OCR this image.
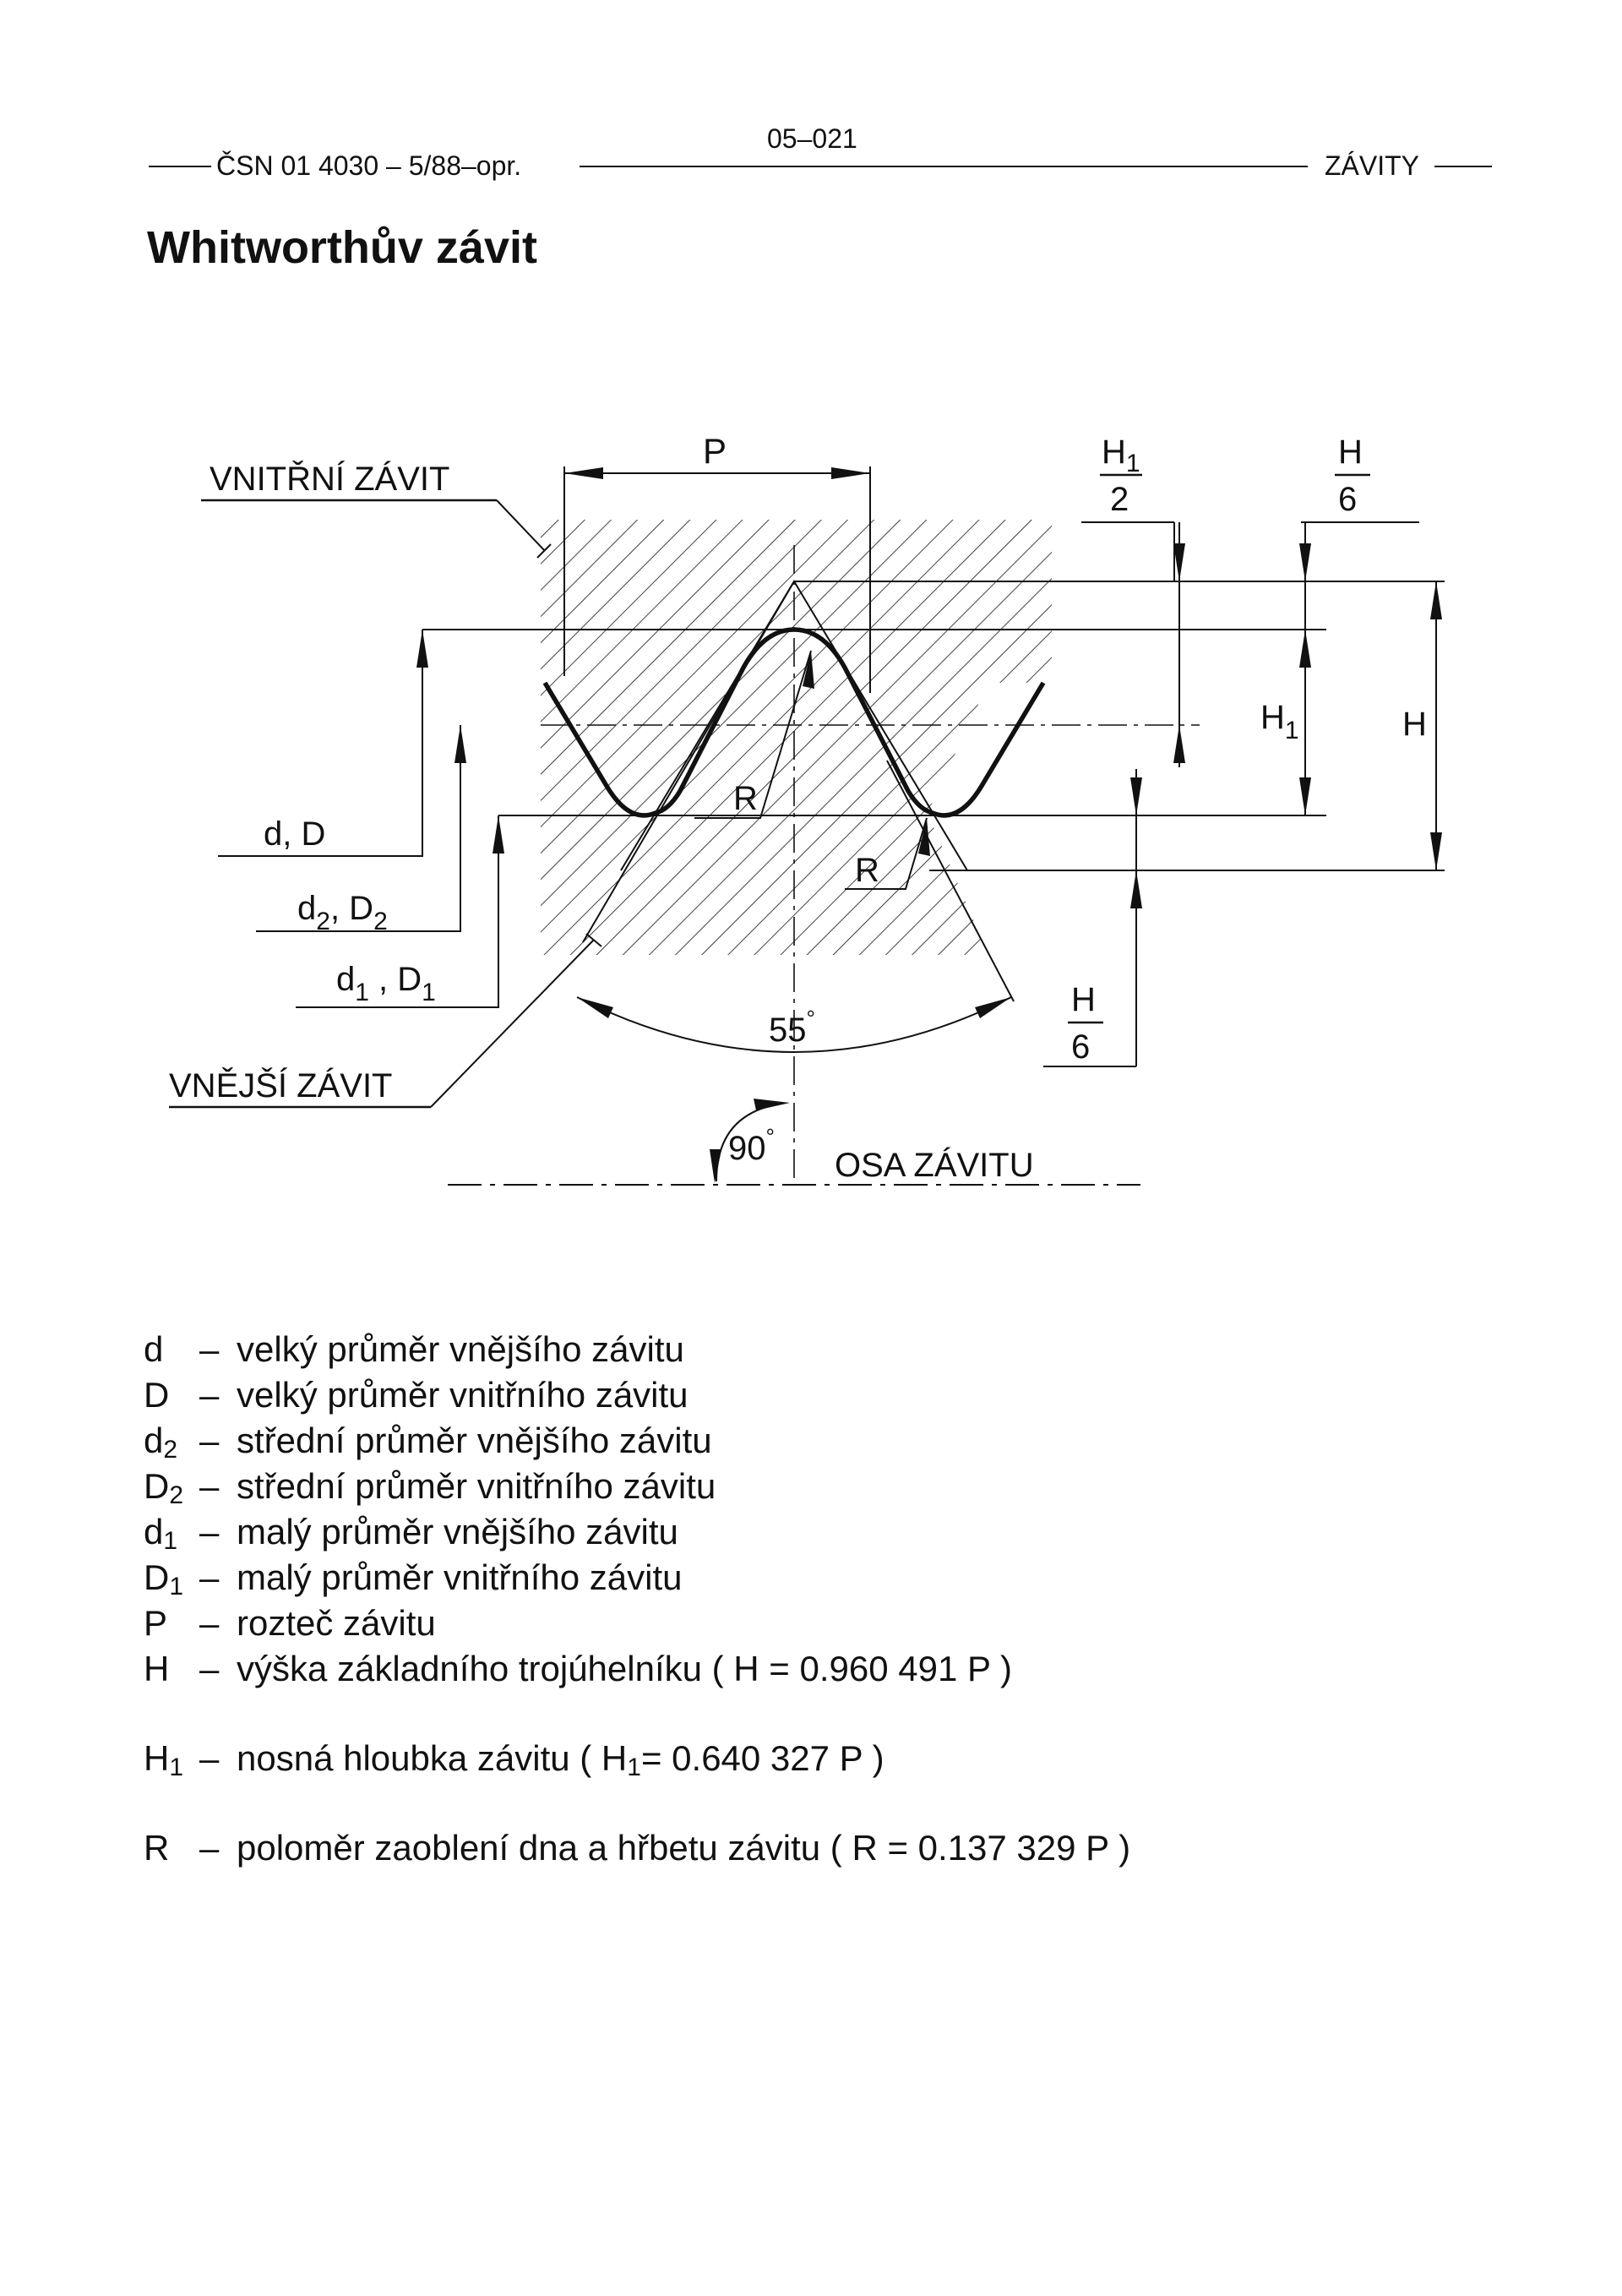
ČSN 01 4030 – 5/88–opr.
05–021
ZÁVITY
Whitworthův závit
P
VNITŘNÍ ZÁVIT
VNĚJŠÍ ZÁVIT
d, D
$d_2$, $D_2$
$d_1$ , $D_1$
R
R
55°
90°
OSA ZÁVITU
$H_1$
2
H
6
$H_1$	H
H
6
d	– velký průměr vnějšího závitu
D – velký průměr vnitřního závitu
$d_2$ – střední průměr vnějšího závitu
$D_2$ – střední průměr vnitřního závitu
$d_1$ – malý průměr vnějšího závitu
$D_1$ – malý průměr vnitřního závitu
P – rozteč závitu
H – výška základního trojúhelníku ( H = 0.960 491 P )
$H_1$ – nosná hloubka závitu ( $H_1= 0.640$ 327 P )
R – poloměr zaoblení dna a hřbetu závitu ( R = 0.137 329 P )
